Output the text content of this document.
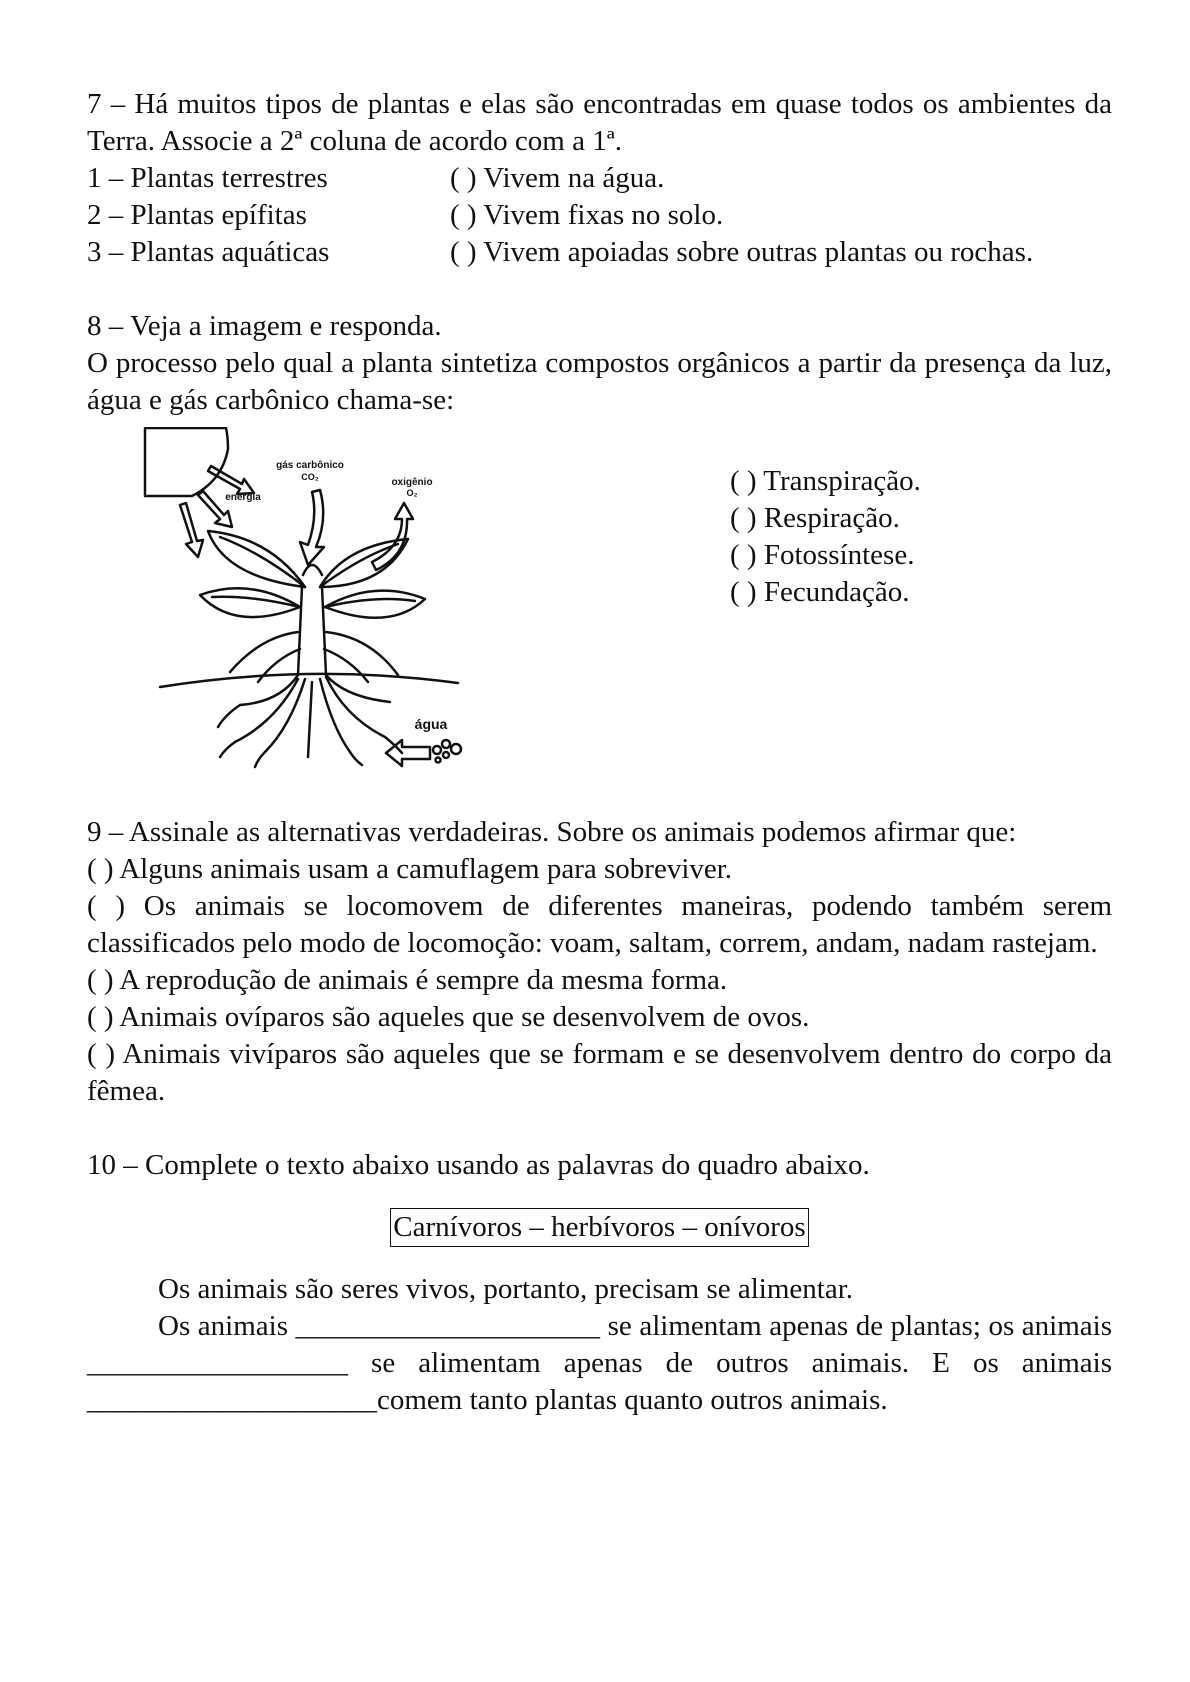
7 – Há muitos tipos de plantas e elas são encontradas em quase todos os ambientes da Terra. Associe a 2ª coluna de acordo com a 1ª.

1 – Plantas terrestres	( ) Vivem na água.
2 – Plantas epífitas	( ) Vivem fixas no solo.
3 – Plantas aquáticas	( ) Vivem apoiadas sobre outras plantas ou rochas.

8 – Veja a imagem e responda.

O processo pelo qual a planta sintetiza compostos orgânicos a partir da presença da luz, água e gás carbônico chama-se:

gás carbônico
CO₂	oxigênio
O₂
energia
água

( ) Transpiração.

( ) Respiração.

( ) Fotossíntese.

( ) Fecundação.

9 – Assinale as alternativas verdadeiras. Sobre os animais podemos afirmar que:

( ) Alguns animais usam a camuflagem para sobreviver.

( ) Os animais se locomovem de diferentes maneiras, podendo também serem classificados pelo modo de locomoção: voam, saltam, correm, andam, nadam rastejam.

( ) A reprodução de animais é sempre da mesma forma.

( ) Animais ovíparos são aqueles que se desenvolvem de ovos.

( ) Animais vivíparos são aqueles que se formam e se desenvolvem dentro do corpo da fêmea.

10 – Complete o texto abaixo usando as palavras do quadro abaixo.

Carnívoros – herbívoros – onívoros

Os animais são seres vivos, portanto, precisam se alimentar.

Os animais _____________________ se alimentam apenas de plantas; os animais __________________ se alimentam apenas de outros animais. E os animais ____________________comem tanto plantas quanto outros animais.
